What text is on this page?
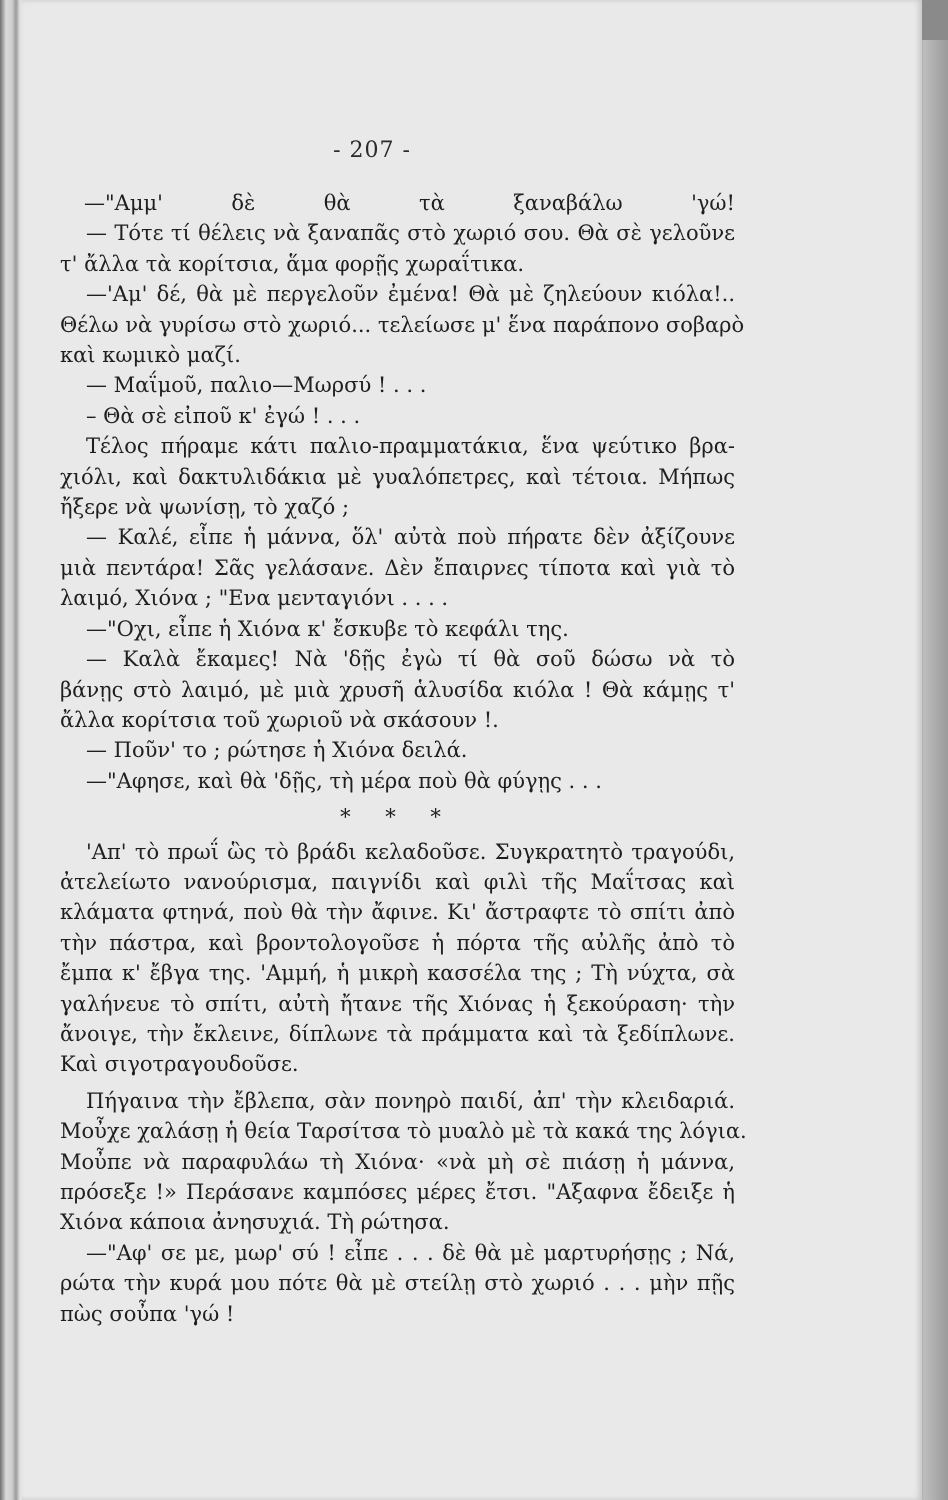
- 207 -
—"Αμμ' δὲ θὰ τὰ ξαναβάλω 'γώ!
— Τότε τί θέλεις νὰ ξαναπᾶς στὸ χωριό σου. Θὰ σὲ γελοῦνε
τ' ἄλλα τὰ κορίτσια, ἅμα φορῇς χωραΐτικα.
—'Αμ' δέ, θὰ μὲ περγελοῦν ἐμένα! Θὰ μὲ ζηλεύουν κιόλα!..
Θέλω νὰ γυρίσω στὸ χωριό... τελείωσε μ' ἕνα παράπονο σοβαρὸ
καὶ κωμικὸ μαζί.
— Μαΐμοῦ, παλιο—Μωρσύ ! . . .
– Θὰ σὲ εἰποῦ κ' ἐγώ ! . . .
Τέλος πήραμε κάτι παλιο-πραμματάκια, ἕνα ψεύτικο βρα-
χιόλι, καὶ δακτυλιδάκια μὲ γυαλόπετρες, καὶ τέτοια. Μήπως
ἤξερε νὰ ψωνίσῃ, τὸ χαζό ;
— Καλέ, εἶπε ἡ μάννα, ὅλ' αὐτὰ ποὺ πήρατε δὲν ἀξίζουνε
μιὰ πεντάρα! Σᾶς γελάσανε. Δὲν ἔπαιρνες τίποτα καὶ γιὰ τὸ
λαιμό, Χιόνα ; "Ενα μενταγιόνι . . . .
—"Οχι, εἶπε ἡ Χιόνα κ' ἔσκυβε τὸ κεφάλι της.
— Καλὰ ἔκαμες! Νὰ 'δῇς ἐγὼ τί θὰ σοῦ δώσω νὰ τὸ
βάνῃς στὸ λαιμό, μὲ μιὰ χρυσῆ ἁλυσίδα κιόλα ! Θὰ κάμῃς τ'
ἄλλα κορίτσια τοῦ χωριοῦ νὰ σκάσουν !.
— Ποῦν' το ; ρώτησε ἡ Χιόνα δειλά.
—"Αφησε, καὶ θὰ 'δῇς, τὴ μέρα ποὺ θὰ φύγῃς . . .
* * *
'Απ' τὸ πρωΐ ὣς τὸ βράδι κελαδοῦσε. Συγκρατητὸ τραγούδι,
ἀτελείωτο νανούρισμα, παιγνίδι καὶ φιλὶ τῆς Μαΐτσας καὶ
κλάματα φτηνά, ποὺ θὰ τὴν ἄφινε. Κι' ἄστραφτε τὸ σπίτι ἀπὸ
τὴν πάστρα, καὶ βροντολογοῦσε ἡ πόρτα τῆς αὐλῆς ἀπὸ τὸ
ἔμπα κ' ἔβγα της. 'Αμμή, ἡ μικρὴ κασσέλα της ; Τὴ νύχτα, σὰ
γαλήνευε τὸ σπίτι, αὐτὴ ἤτανε τῆς Χιόνας ἡ ξεκούραση· τὴν
ἄνοιγε, τὴν ἔκλεινε, δίπλωνε τὰ πράμματα καὶ τὰ ξεδίπλωνε.
Καὶ σιγοτραγουδοῦσε.
Πήγαινα τὴν ἔβλεπα, σὰν πονηρὸ παιδί, ἀπ' τὴν κλειδαριά.
Μοὖχε χαλάσῃ ἡ θεία Ταρσίτσα τὸ μυαλὸ μὲ τὰ κακά της λόγια.
Μοὖπε νὰ παραφυλάω τὴ Χιόνα· «νὰ μὴ σὲ πιάσῃ ἡ μάννα,
πρόσεξε !» Περάσανε καμπόσες μέρες ἔτσι. "Αξαφνα ἔδειξε ἡ
Χιόνα κάποια ἀνησυχιά. Τὴ ρώτησα.
—"Αφ' σε με, μωρ' σύ ! εἶπε . . . δὲ θὰ μὲ μαρτυρήσῃς ; Νά,
ρώτα τὴν κυρά μου πότε θὰ μὲ στείλῃ στὸ χωριό . . . μὴν πῇς
πὼς σοὖπα 'γώ !
